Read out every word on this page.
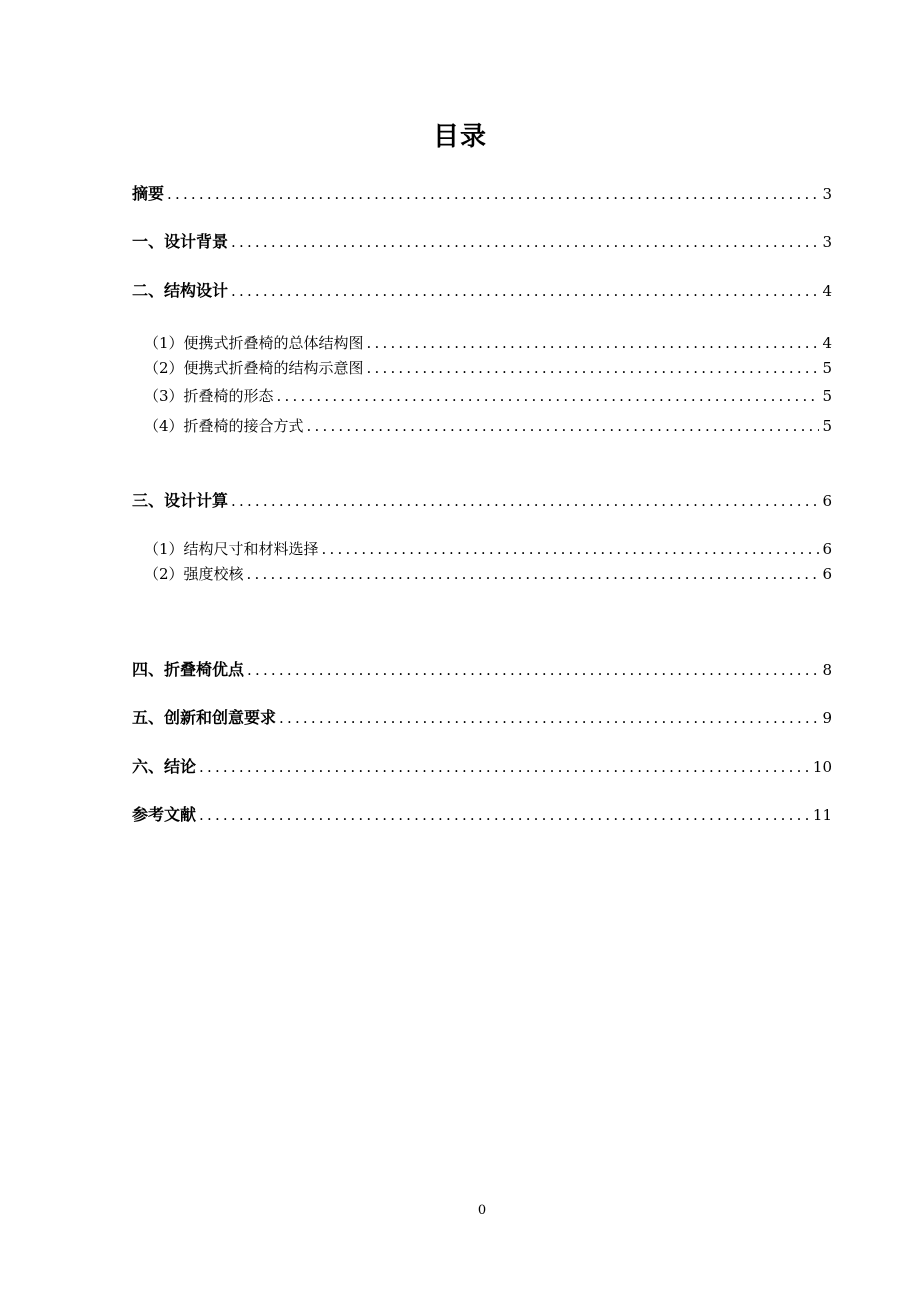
目录
摘要 .....	3
一、设计背景 .....	3
二、结构设计 .....	4
（1）便携式折叠椅的总体结构图 .....	4
（2）便携式折叠椅的结构示意图 .....	5
（3）折叠椅的形态 .....	5
（4）折叠椅的接合方式 .....	5
三、设计计算 .....	6
（1）结构尺寸和材料选择 .....	6
（2）强度校核 .....	6
四、折叠椅优点 .....	8
五、创新和创意要求 .....	9
六、结论 .....	10
参考文献 .....	11
0
